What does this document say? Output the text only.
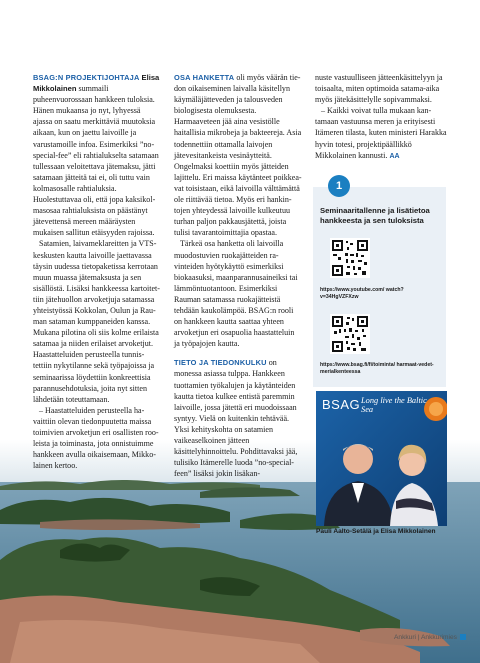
BSAG:N PROJEKTIJOHTAJA Elisa Mikkolainen summaili puheenvuorossaan hankkeen tuloksia. Hänen mukaansa jo nyt, lyhyessä ajassa on saatu merkittäviä muutoksia aikaan, kun on jaettu laivoille ja varustamoille infoa. Esimerkiksi ”no-special-fee” eli rahtialukselta satamaan tullessaan veloitettava jätemaksu, jätti satamaan jätteitä tai ei, oli tuttu vain kolmasosalle rahtialuksia. Huolestuttavaa oli, että jopa kaksikolmasosaa rahtialuksista on päästänyt jätevettensä mereen määräysten mukaisen sallitun etäisyyden rajoissa.

Satamien, laivameklareitten ja VTS-keskusten kautta laivoille jaettavassa täysin uudessa tietopaketissa kerrotaan muun muassa jätemaksusta ja sen sisällöstä. Lisäksi hankkeessa kartoitettiin jätehuollon arvoketjuja satamassa yhteistyössä Kokkolan, Oulun ja Rauman sataman kumppaneiden kanssa. Mukana pilotina oli siis kolme erilaista satamaa ja niiden erilaiset arvoketjut. Haastatteluiden perusteella tunnistettiin nykytilanne sekä työpajoissa ja seminaarissa löydettiin konkreettisia parannusehdotuksia, joita nyt sitten lähdetään toteuttamaan.

– Haastatteluiden perusteella havaittiin olevan tiedonpuutetta maissa toimivien arvoketjun eri osallisten rooleista ja toiminasta, jota onnistuimme hankkeen avulla oikaisemaan, Mikkolainen kertoo.

OSA HANKETTA oli myös väärän tiedon oikaiseminen laivalla käsitellyn käymäläjätteveden ja talousveden biologisesta olemuksesta. Harmaaveteen jää aina vesistölle haitallisia mikrobeja ja bakteereja. Asia todennettiin ottamalla laivojen jätevesitankeista vesinäytteitä. Ongelmaksi koettiin myös jätteiden lajittelu. Eri maissa käytänteet poikkeavat toisistaan, eikä laivoilla välttämättä ole riittävää tietoa. Myös eri hankintojen yhteydessä laivoille kulkeutuu turhan paljon pakkausjätettä, joista tulisi tavarantoimittajia opastaa.

Tärkeä osa hanketta oli laivoilla muodostuvien ruokajätteiden ravinteiden hyötykäyttö esimerkiksi biokaasuksi, maanparannusaineiksi tai lämmöntuotantoon. Esimerkiksi Rauman satamassa ruokajätteistä tehdään kaukolämpöä. BSAG:n rooli on hankkeen kautta saattaa yhteen arvoketjun eri osapuolia haastatteluin ja työpajojen kautta.

TIETO JA TIEDONKULKU on monessa asiassa tulppa. Hankkeen tuottamien työkalujen ja käytänteiden kautta tietoa kulkee entistä paremmin laivoille, jossa jätettä eri muodoissaan syntyy. Vielä on kuitenkin tehtävää. Yksi kehityskohta on satamien vaikeaselkoinen jätteen käsittelyhinnoittelu. Pohdittavaksi jää, tulisiko Itämerelle luoda ”no-special-feen” lisäksi jokin lisäkan-

nuste vastuulliseen jätteenkäsittelyyn ja toisaalta, miten optimoida satama-aika myös jätekäsittelylle sopivammaksi.

– Kaikki voivat tulla mukaan kantamaan vastuunsa meren ja erityisesti Itämeren tilasta, kuten ministeri Harakka hyvin totesi, projektipäällikkö Mikkolainen kannusti. AA

1
Seminaaritallenne ja lisätietoa hankkeesta ja sen tuloksista
https://www.youtube.com/ watch?v=34HgVZFXzw
https://www.bsag.fi/fi/toiminta/ harmaat-vedet-merialkenteessa
BSAG Long live the Baltic Sea
Pauli Aalto-Setälä ja Elisa Mikkolainen
Ankkuri | Ankkurimies
